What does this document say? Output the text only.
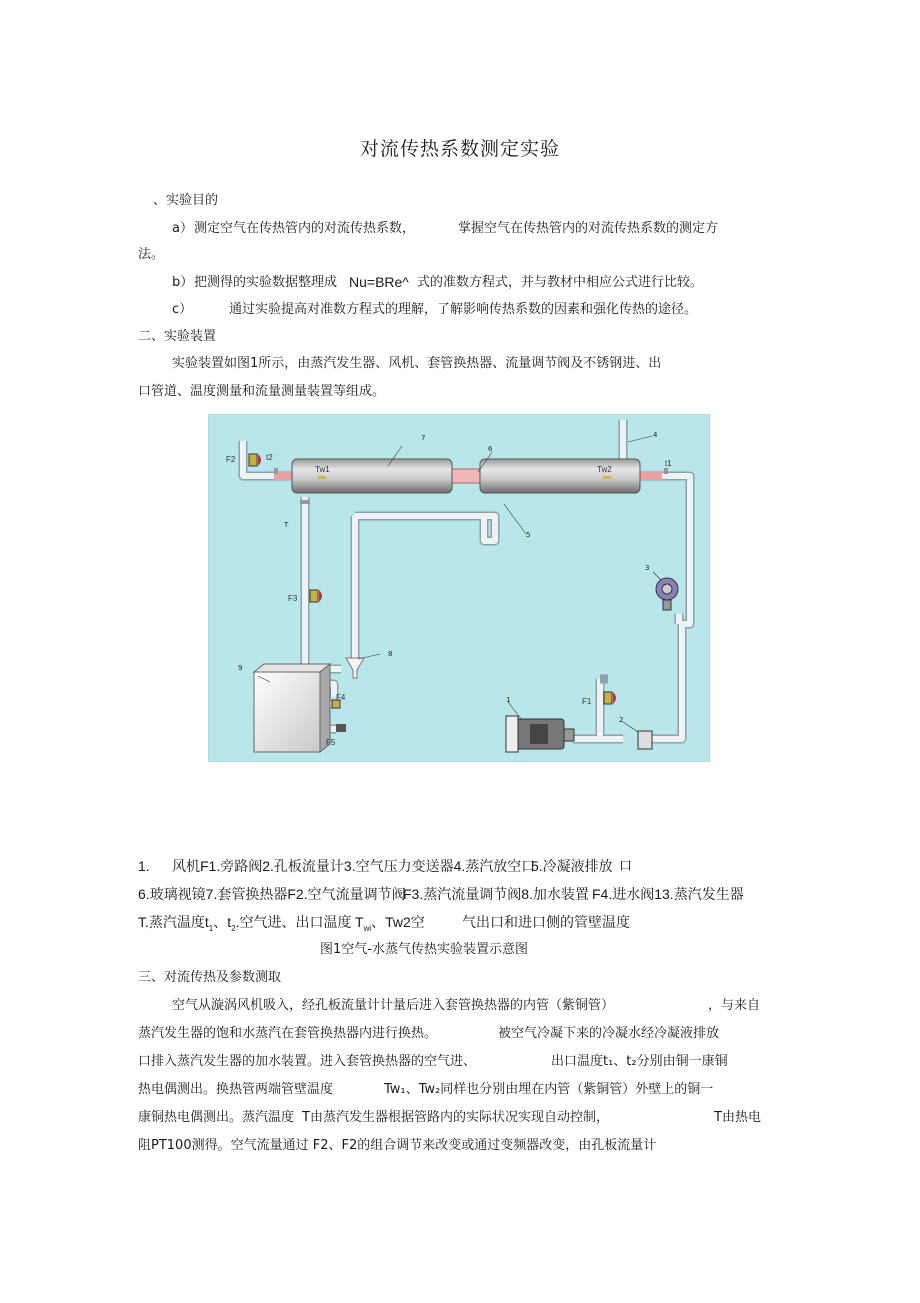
对流传热系数测定实验
、实验目的
a） 测定空气在传热管内的对流传热系数，	掌握空气在传热管内的对流传热系数的测定方
法。
b） 把测得的实验数据整理成 Nu=BRe^ 式的准数方程式，并与教材中相应公式进行比较。
c）	通过实验提高对准数方程式的理解，了解影响传热系数的因素和强化传热的途径。
二、实验装置
实验装置如图1所示，由蒸汽发生器、风机、套管换热器、流量调节阀及不锈钢进、出
口管道、温度测量和流量测量装置等组成。
7
6
4
5
3
8
9
1
2
T
F2
F3
F1
F4
F5
t2
t1
Tw1	Tw2
1. 风机F1.旁路阀2.孔板流量计3.空气压力变送器4.蒸汽放空口
5.冷凝液排放 口
6.玻璃视镜7.套管换热器F2.空气流量调节阀
F3.蒸汽流量调节阀8.加水装置 F4.进水阀13.蒸汽发生器
T.蒸汽温度$t_1$、$t_2$.空气进、出口温度 $T_{wi}$、Tw2空	气出口和进口侧的管壁温度
图1空气-水蒸气传热实验装置示意图
三、对流传热及参数测取
空气从漩涡风机吸入，经孔板流量计计量后进入套管换热器的内管（紫铜管）	，与来自
蒸汽发生器的饱和水蒸汽在套管换热器内进行换热。	被空气冷凝下来的冷凝水经冷凝液排放
口排入蒸汽发生器的加水装置。进入套管换热器的空气进、	出口温度t₁、t₂分别由铜一康铜
热电偶测出。换热管两端管壁温度	Tw₁、Tw₂同样也分别由埋在内管（紫铜管）外壁上的铜一
康铜热电偶测出。蒸汽温度 T由蒸汽发生器根据管路内的实际状况实现自动控制，	T由热电
阻PT100测得。空气流量通过 F2、F2的组合调节来改变或通过变频器改变，由孔板流量计
